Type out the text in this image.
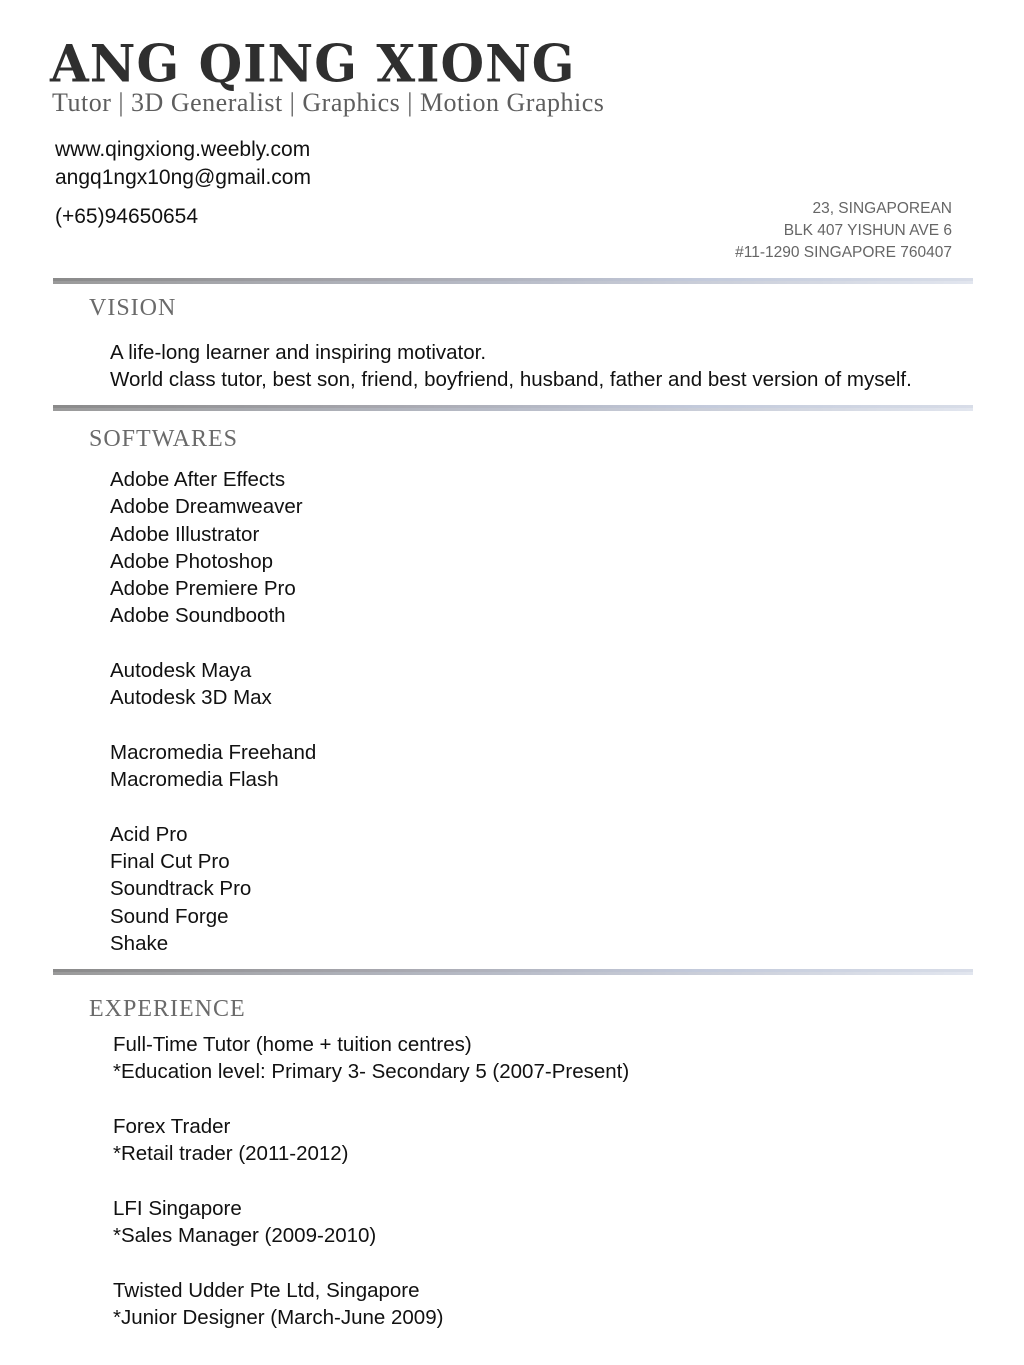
ANG QING XIONG
Tutor | 3D Generalist | Graphics | Motion Graphics
www.qingxiong.weebly.com
angq1ngx10ng@gmail.com
(+65)94650654	23, SINGAPOREAN
BLK 407 YISHUN AVE 6
#11-1290 SINGAPORE 760407
VISION
A life-long learner and inspiring motivator.
World class tutor, best son, friend, boyfriend, husband, father and best version of myself.
SOFTWARES
Adobe After Effects
Adobe Dreamweaver
Adobe Illustrator
Adobe Photoshop
Adobe Premiere Pro
Adobe Soundbooth
Autodesk Maya
Autodesk 3D Max
Macromedia Freehand
Macromedia Flash
Acid Pro
Final Cut Pro
Soundtrack Pro
Sound Forge
Shake
EXPERIENCE
Full-Time Tutor (home + tuition centres)
*Education level: Primary 3- Secondary 5 (2007-Present)
Forex Trader
*Retail trader (2011-2012)
LFI Singapore
*Sales Manager (2009-2010)
Twisted Udder Pte Ltd, Singapore
*Junior Designer (March-June 2009)
